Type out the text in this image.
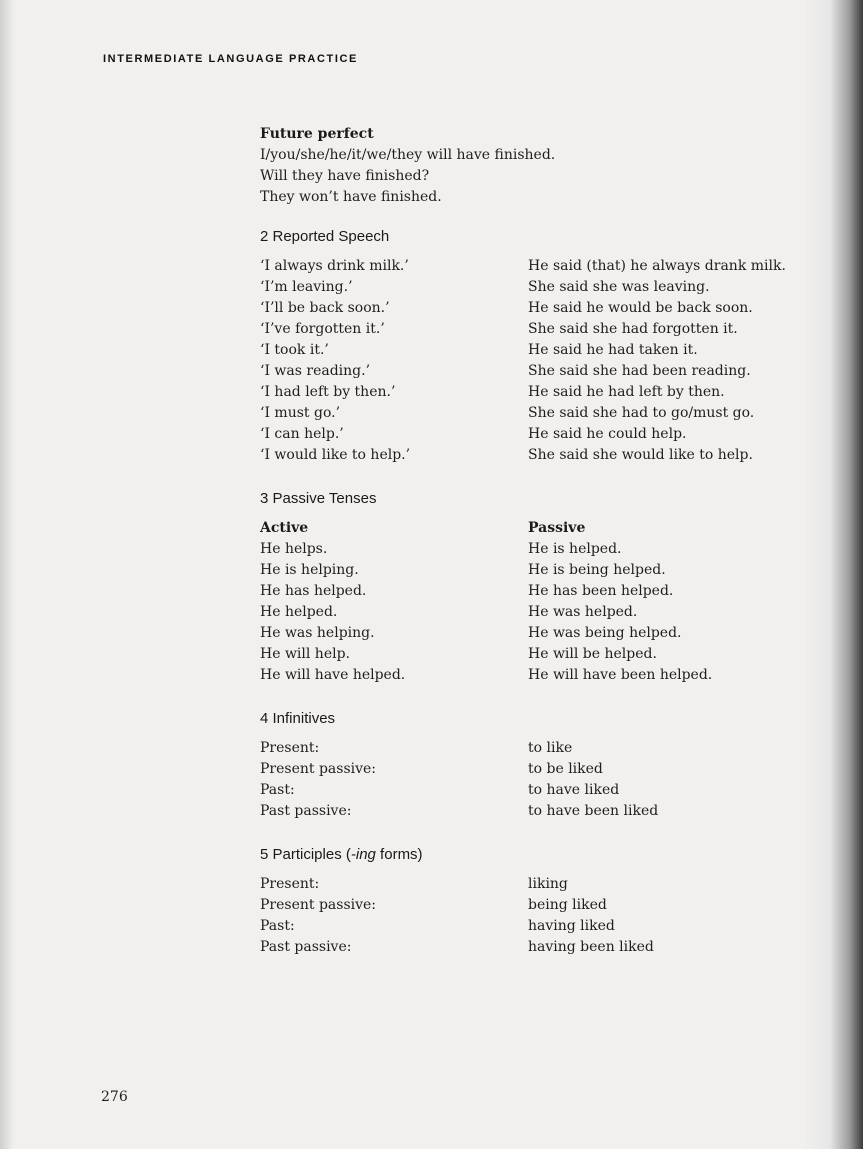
INTERMEDIATE LANGUAGE PRACTICE
Future perfect
I/you/she/he/it/we/they will have finished.
Will they have finished?
They won’t have finished.
2 Reported Speech
‘I always drink milk.’	He said (that) he always drank milk.
‘I’m leaving.’	She said she was leaving.
‘I’ll be back soon.’	He said he would be back soon.
‘I’ve forgotten it.’	She said she had forgotten it.
‘I took it.’	He said he had taken it.
‘I was reading.’	She said she had been reading.
‘I had left by then.’	He said he had left by then.
‘I must go.’	She said she had to go/must go.
‘I can help.’	He said he could help.
‘I would like to help.’	She said she would like to help.
3 Passive Tenses
Active	Passive
He helps.	He is helped.
He is helping.	He is being helped.
He has helped.	He has been helped.
He helped.	He was helped.
He was helping.	He was being helped.
He will help.	He will be helped.
He will have helped.	He will have been helped.
4 Infinitives
Present:	to like
Present passive:	to be liked
Past:	to have liked
Past passive:	to have been liked
5 Participles (-ing forms)
Present:	liking
Present passive:	being liked
Past:	having liked
Past passive:	having been liked
276
